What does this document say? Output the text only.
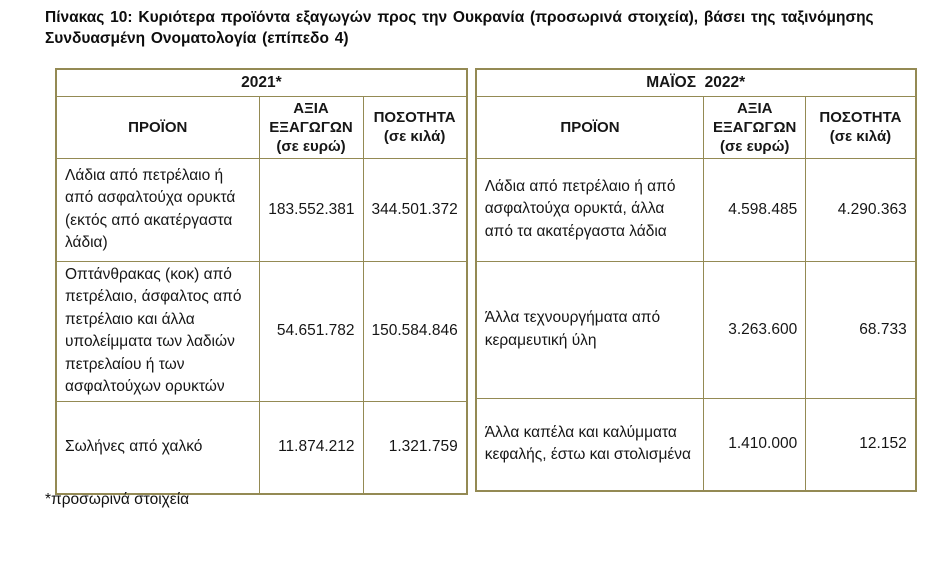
Πίνακας 10: Κυριότερα προϊόντα εξαγωγών προς την Ουκρανία (προσωρινά στοιχεία), βάσει της ταξινόμησης
Συνδυασμένη Ονοματολογία (επίπεδο 4)
2021*		
ΠΡΟΪΟΝ	ΑΞΙΑ ΕΞΑΓΩΓΩΝ (σε ευρώ)	ΠΟΣΟΤΗΤΑ (σε κιλά)
Λάδια από πετρέλαιο ή από ασφαλτούχα ορυκτά (εκτός από ακατέργαστα λάδια)	183.552.381	344.501.372
Οπτάνθρακας (κοκ) από πετρέλαιο, άσφαλτος από πετρέλαιο και άλλα υπολείμματα των λαδιών πετρελαίου ή των ασφαλτούχων ορυκτών	54.651.782	150.584.846
Σωλήνες από χαλκό	11.874.212	1.321.759
ΜΑΪΟΣ  2022*		
ΠΡΟΪΟΝ	ΑΞΙΑ ΕΞΑΓΩΓΩΝ (σε ευρώ)	ΠΟΣΟΤΗΤΑ (σε κιλά)
Λάδια από πετρέλαιο ή από ασφαλτούχα ορυκτά, άλλα από τα ακατέργαστα λάδια	4.598.485	4.290.363
Άλλα τεχνουργήματα από κεραμευτική ύλη	3.263.600	68.733
Άλλα καπέλα και καλύμματα κεφαλής, έστω και στολισμένα	1.410.000	12.152
*προσωρινά στοιχεία
